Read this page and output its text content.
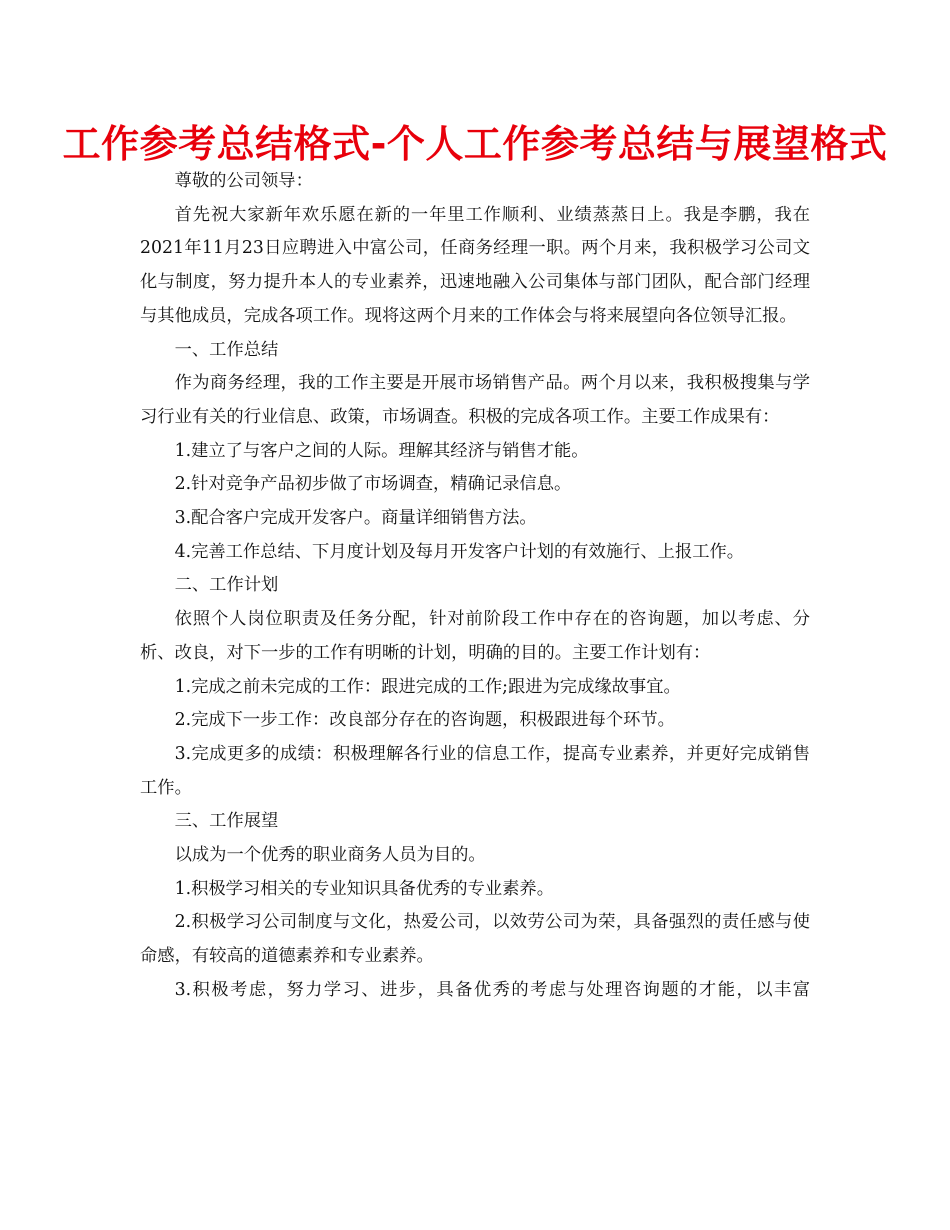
工作参考总结格式-个人工作参考总结与展望格式

尊敬的公司领导：

首先祝大家新年欢乐愿在新的一年里工作顺利、业绩蒸蒸日上。我是李鹏，我在2021年11月23日应聘进入中富公司，任商务经理一职。两个月来，我积极学习公司文化与制度，努力提升本人的专业素养，迅速地融入公司集体与部门团队，配合部门经理与其他成员，完成各项工作。现将这两个月来的工作体会与将来展望向各位领导汇报。

一、工作总结

作为商务经理，我的工作主要是开展市场销售产品。两个月以来，我积极搜集与学习行业有关的行业信息、政策，市场调查。积极的完成各项工作。主要工作成果有：

1.建立了与客户之间的人际。理解其经济与销售才能。

2.针对竞争产品初步做了市场调查，精确记录信息。

3.配合客户完成开发客户。商量详细销售方法。

4.完善工作总结、下月度计划及每月开发客户计划的有效施行、上报工作。

二、工作计划

依照个人岗位职责及任务分配，针对前阶段工作中存在的咨询题，加以考虑、分析、改良，对下一步的工作有明晰的计划，明确的目的。主要工作计划有：

1.完成之前未完成的工作：跟进完成的工作;跟进为完成缘故事宜。

2.完成下一步工作：改良部分存在的咨询题，积极跟进每个环节。

3.完成更多的成绩：积极理解各行业的信息工作，提高专业素养，并更好完成销售工作。

三、工作展望

以成为一个优秀的职业商务人员为目的。

1.积极学习相关的专业知识具备优秀的专业素养。

2.积极学习公司制度与文化，热爱公司，以效劳公司为荣，具备强烈的责任感与使命感，有较高的道德素养和专业素养。

3.积极考虑，努力学习、进步，具备优秀的考虑与处理咨询题的才能，以丰富
